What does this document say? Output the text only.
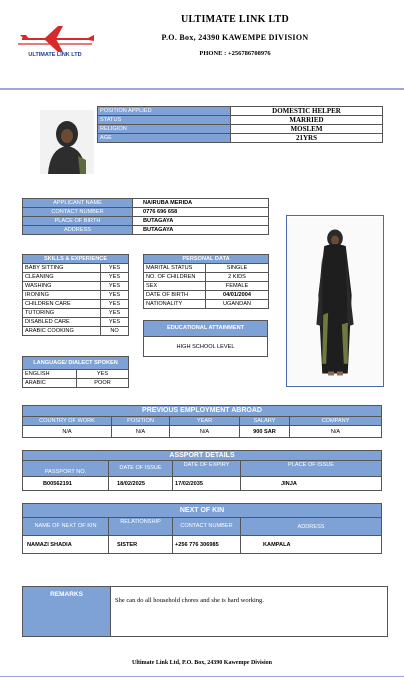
ULTIMATE LINK LTD
ULTIMATE LINK LTD
P.O. Box, 24390 KAWEMPE DIVISION
PHONE : +256786708976
POSITION APPLIED	DOMESTIC HELPER
STATUS	MARRIED
RELIGION	MOSLEM
AGE	21YRS
APPLICANT NAME	NAIRUBA MERIDA
CONTACT NUMBER	0776 696 658
PLACE OF BIRTH	BUTAGAYA
ADDRESS	BUTAGAYA
SKILLS & EXPERIENCE	
BABY SITTING	YES
CLEANING	YES
WASHING	YES
IRONING	YES
CHILDREN CARE	YES
TUTORING	YES
DISABLED CARE	YES
ARABIC COOKING	NO
PERSONAL DATA	
MARITAL STATUS	SINGLE
NO. OF CHILDREN	2 KIDS
SEX	FEMALE
DATE OF BIRTH	04/01/2004
NATIONALITY	UGANDAN
EDUCATIONAL ATTAINMENT
HIGH SCHOOL LEVEL
LANGUAGE/ DIALECT SPOKEN	
ENGLISH	YES
ARABIC	POOR
PREVIOUS EMPLOYMENT ABROAD				
COUNTRY OF WORK	POSITION	YEAR	SALARY	COMPANY
N/A	N/A	N/A	900 SAR	N/A
ASSPORT DETAILS			
PASSPORT NO.	DATE OF ISSUE	DATE OF EXPIRY	PLACE OF ISSUE
B00562191	18/02/2025	17/02/2035	JINJA
NEXT OF KIN			
NAME OF NEXT OF KIN	RELATIONSHIP	CONTACT NUMBER	ADDRESS
NAMAZI SHADIA	SISTER	+256 776 306985	KAMPALA
REMARKS	She can do all household chores and she is hard working.
Ultimate Link Ltd, P.O. Box, 24390 Kawempe Division
